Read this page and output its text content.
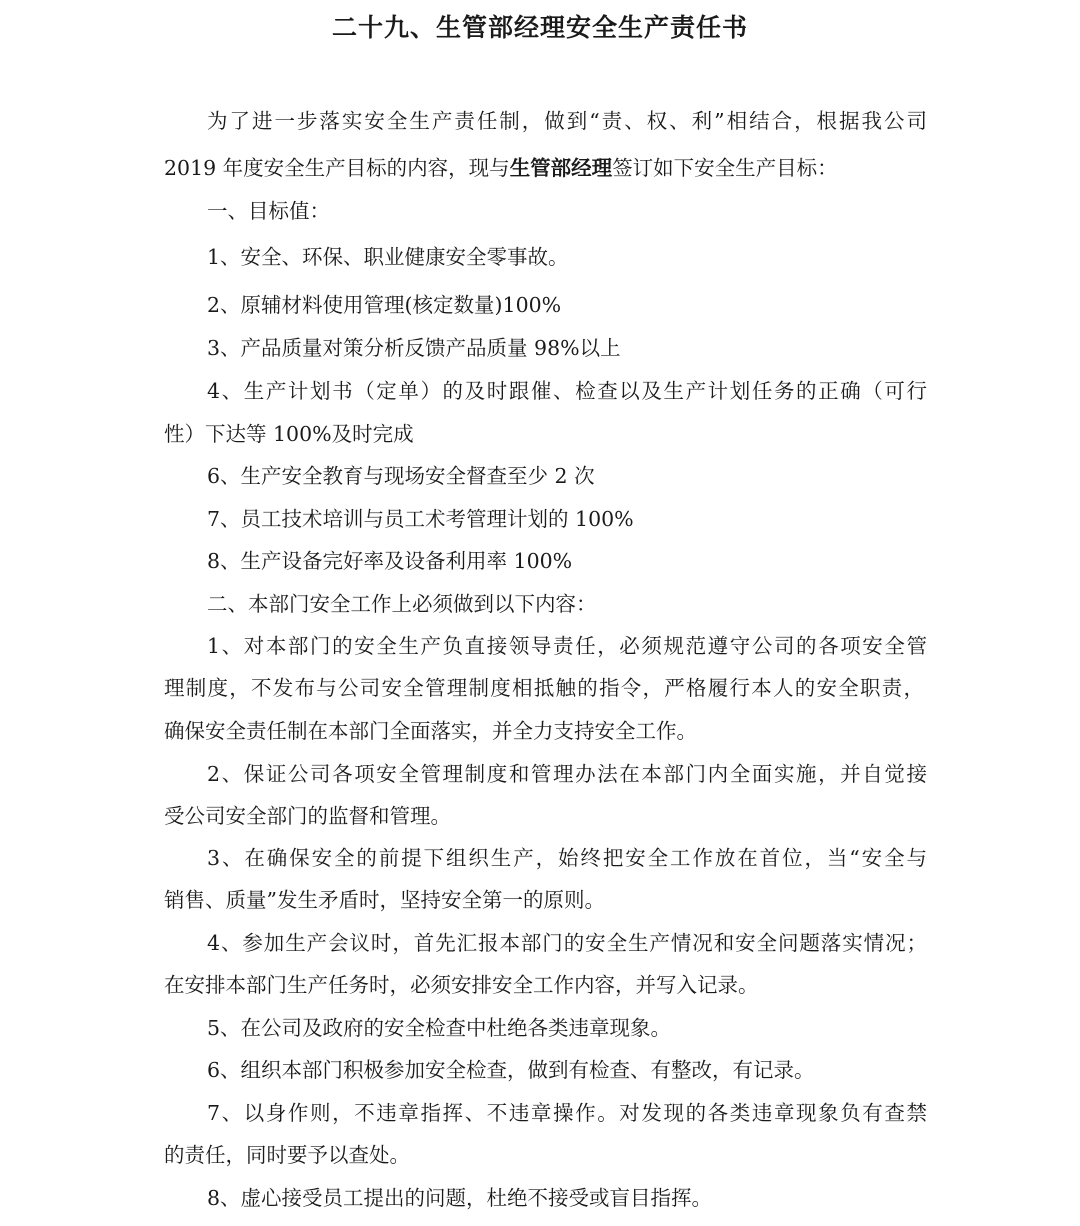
二十九、生管部经理安全生产责任书
为了进一步落实安全生产责任制，做到“责、权、利”相结合，根据我公司
2019 年度安全生产目标的内容，现与生管部经理签订如下安全生产目标：
一、目标值：
1、安全、环保、职业健康安全零事故。
2、原辅材料使用管理(核定数量)100%
3、产品质量对策分析反馈产品质量 98%以上
4、生产计划书（定单）的及时跟催、检查以及生产计划任务的正确（可行
性）下达等 100%及时完成
6、生产安全教育与现场安全督查至少 2 次
7、员工技术培训与员工术考管理计划的 100%
8、生产设备完好率及设备利用率 100%
二、本部门安全工作上必须做到以下内容：
1、对本部门的安全生产负直接领导责任，必须规范遵守公司的各项安全管
理制度，不发布与公司安全管理制度相抵触的指令，严格履行本人的安全职责，
确保安全责任制在本部门全面落实，并全力支持安全工作。
2、保证公司各项安全管理制度和管理办法在本部门内全面实施，并自觉接
受公司安全部门的监督和管理。
3、在确保安全的前提下组织生产，始终把安全工作放在首位，当“安全与
销售、质量”发生矛盾时，坚持安全第一的原则。
4、参加生产会议时，首先汇报本部门的安全生产情况和安全问题落实情况；
在安排本部门生产任务时，必须安排安全工作内容，并写入记录。
5、在公司及政府的安全检查中杜绝各类违章现象。
6、组织本部门积极参加安全检查，做到有检查、有整改，有记录。
7、以身作则，不违章指挥、不违章操作。对发现的各类违章现象负有查禁
的责任，同时要予以查处。
8、虚心接受员工提出的问题，杜绝不接受或盲目指挥。
